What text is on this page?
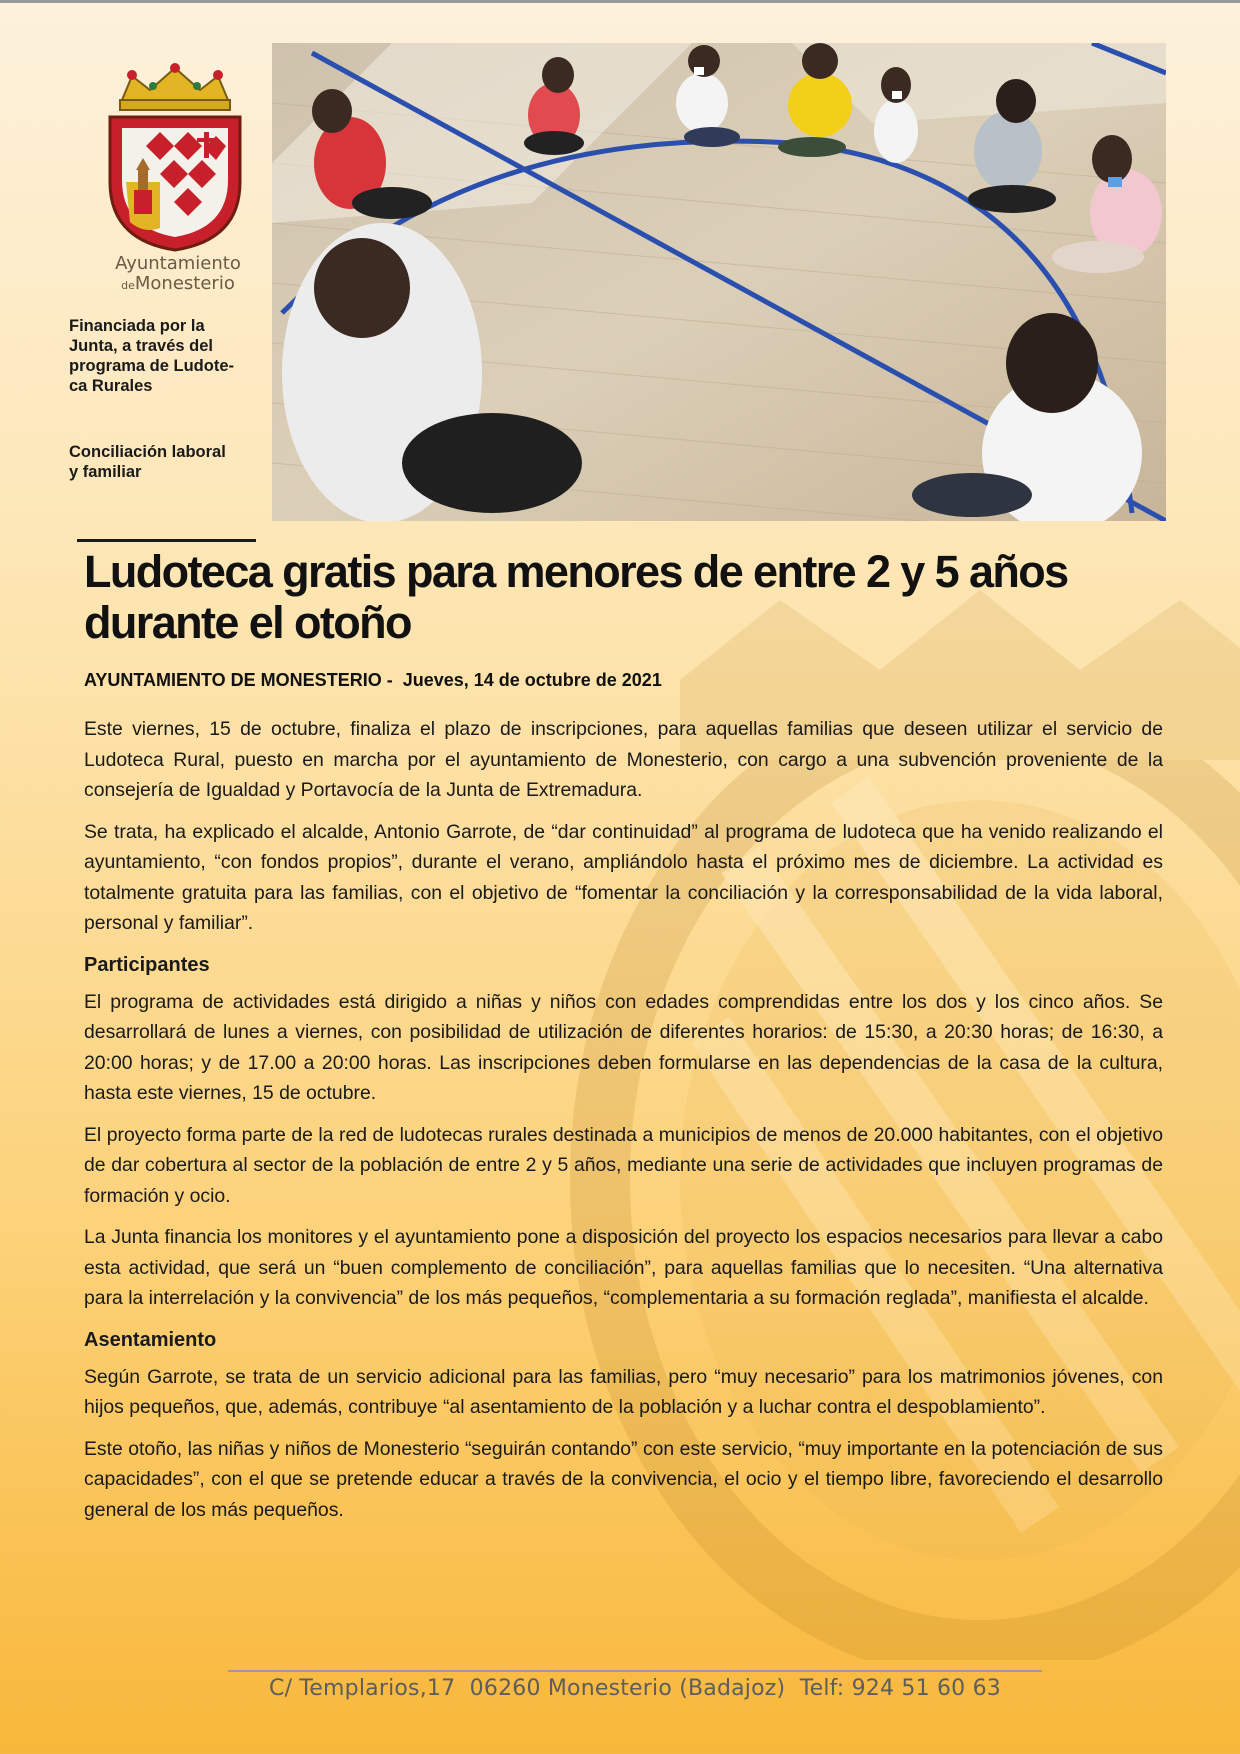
Ayuntamiento
deMonesterio
Financiada por la
Junta, a través del
programa de Ludote-
ca Rurales
Conciliación laboral
y familiar
Ludoteca gratis para menores de entre 2 y 5 años durante el otoño
AYUNTAMIENTO DE MONESTERIO -  Jueves, 14 de octubre de 2021

Este viernes, 15 de octubre, finaliza el plazo de inscripciones, para aquellas familias que deseen utilizar el servicio de Ludoteca Rural, puesto en marcha por el ayuntamiento de Monesterio, con cargo a una subvención proveniente de la consejería de Igualdad y Portavocía de la Junta de Extremadura.

Se trata, ha explicado el alcalde, Antonio Garrote, de “dar continuidad” al programa de ludoteca que ha venido realizando el ayuntamiento, “con fondos propios”, durante el verano, ampliándolo hasta el próximo mes de diciembre. La actividad es totalmente gratuita para las familias, con el objetivo de “fomentar la conciliación y la corresponsabilidad de la vida laboral, personal y familiar”.

Participantes

El programa de actividades está dirigido a niñas y niños con edades comprendidas entre los dos y los cinco años. Se desarrollará de lunes a viernes, con posibilidad de utilización de diferentes horarios: de 15:30, a 20:30 horas; de 16:30, a 20:00 horas; y de 17.00 a 20:00 horas. Las inscripciones deben formularse en las dependencias de la casa de la cultura, hasta este viernes, 15 de octubre.

El proyecto forma parte de la red de ludotecas rurales destinada a municipios de menos de 20.000 habitantes, con el objetivo de dar cobertura al sector de la población de entre 2 y 5 años, mediante una serie de actividades que incluyen programas de formación y ocio.

La Junta financia los monitores y el ayuntamiento pone a disposición del proyecto los espacios necesarios para llevar a cabo esta actividad, que será un “buen complemento de conciliación”, para aquellas familias que lo necesiten. “Una alternativa para la interrelación y la convivencia” de los más pequeños, “complementaria a su formación reglada”, manifiesta el alcalde.

Asentamiento

Según Garrote, se trata de un servicio adicional para las familias, pero “muy necesario” para los matrimonios jóvenes, con hijos pequeños, que, además, contribuye “al asentamiento de la población y a luchar contra el despoblamiento”.

Este otoño, las niñas y niños de Monesterio “seguirán contando” con este servicio, “muy importante en la potenciación de sus capacidades”, con el que se pretende educar a través de la convivencia, el ocio y el tiempo libre, favoreciendo el desarrollo general de los más pequeños.

C/ Templarios,17  06260 Monesterio (Badajoz)  Telf: 924 51 60 63
